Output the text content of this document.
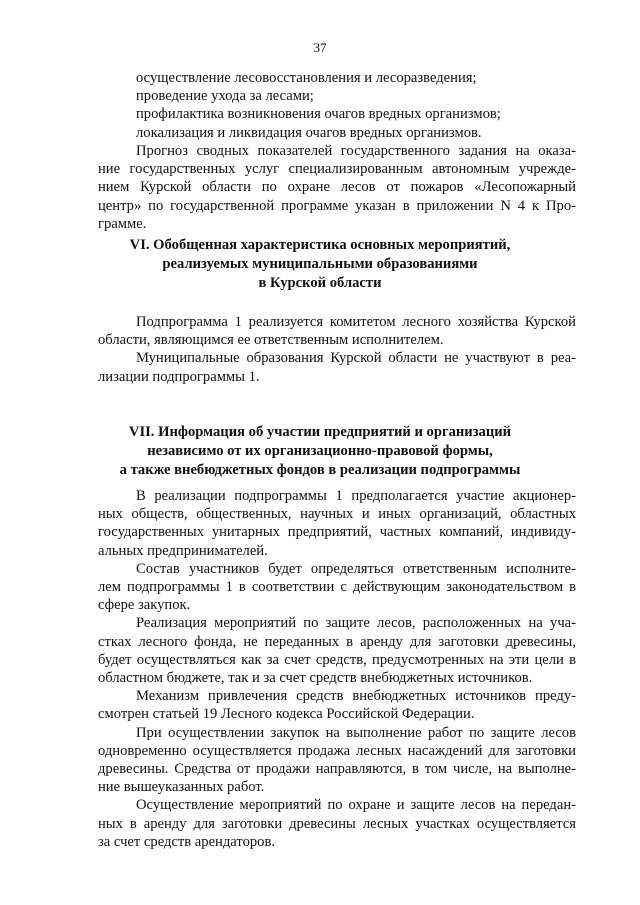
37
осуществление лесовосстановления и лесоразведения;
проведение ухода за лесами;
профилактика возникновения очагов вредных организмов;
локализация и ликвидация очагов вредных организмов.
Прогноз сводных показателей государственного задания на оказа-
ние государственных услуг специализированным автономным учрежде-
нием Курской области по охране лесов от пожаров «Лесопожарный
центр» по государственной программе указан в приложении N 4 к Про-
грамме.
VI. Обобщенная характеристика основных мероприятий,
реализуемых муниципальными образованиями
в Курской области
Подпрограмма 1 реализуется комитетом лесного хозяйства Курской
области, являющимся ее ответственным исполнителем.
Муниципальные образования Курской области не участвуют в реа-
лизации подпрограммы 1.
VII. Информация об участии предприятий и организаций
независимо от их организационно-правовой формы,
а также внебюджетных фондов в реализации подпрограммы
В реализации подпрограммы 1 предполагается участие акционер-
ных обществ, общественных, научных и иных организаций, областных
государственных унитарных предприятий, частных компаний, индивиду-
альных предпринимателей.
Состав участников будет определяться ответственным исполните-
лем подпрограммы 1 в соответствии с действующим законодательством в
сфере закупок.
Реализация мероприятий по защите лесов, расположенных на уча-
стках лесного фонда, не переданных в аренду для заготовки древесины,
будет осуществляться как за счет средств, предусмотренных на эти цели в
областном бюджете, так и за счет средств внебюджетных источников.
Механизм привлечения средств внебюджетных источников преду-
смотрен статьей 19 Лесного кодекса Российской Федерации.
При осуществлении закупок на выполнение работ по защите лесов
одновременно осуществляется продажа лесных насаждений для заготовки
древесины. Средства от продажи направляются, в том числе, на выполне-
ние вышеуказанных работ.
Осуществление мероприятий по охране и защите лесов на передан-
ных в аренду для заготовки древесины лесных участках осуществляется
за счет средств арендаторов.
